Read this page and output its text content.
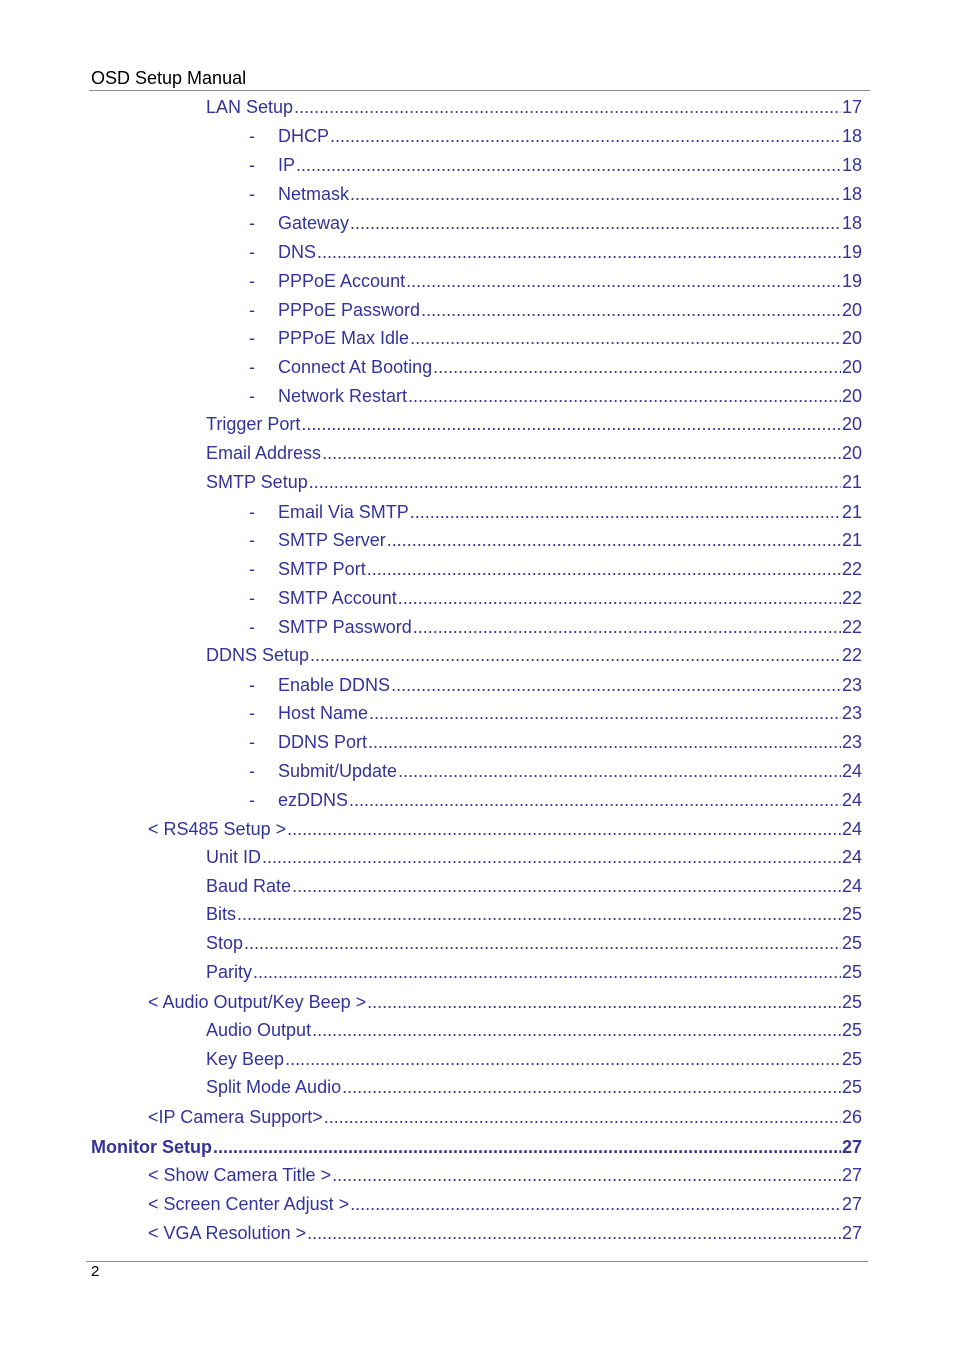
OSD Setup Manual
LAN Setup .....	17
-	DHCP .....	18
-	IP .....	18
-	Netmask .....	18
-	Gateway .....	18
-	DNS .....	19
-	PPPoE Account .....	19
-	PPPoE Password .....	20
-	PPPoE Max Idle .....	20
-	Connect At Booting .....	20
-	Network Restart .....	20
Trigger Port .....	20
Email Address .....	20
SMTP Setup .....	21
-	Email Via SMTP .....	21
-	SMTP Server .....	21
-	SMTP Port .....	22
-	SMTP Account .....	22
-	SMTP Password .....	22
DDNS Setup .....	22
-	Enable DDNS .....	23
-	Host Name .....	23
-	DDNS Port .....	23
-	Submit/Update .....	24
-	ezDDNS .....	24
< RS485 Setup > .....	24
Unit ID .....	24
Baud Rate .....	24
Bits .....	25
Stop .....	25
Parity .....	25
< Audio Output/Key Beep > .....	25
Audio Output .....	25
Key Beep .....	25
Split Mode Audio .....	25
<IP Camera Support> .....	26
Monitor Setup .....	27
< Show Camera Title > .....	27
< Screen Center Adjust > .....	27
< VGA Resolution > .....	27
2
